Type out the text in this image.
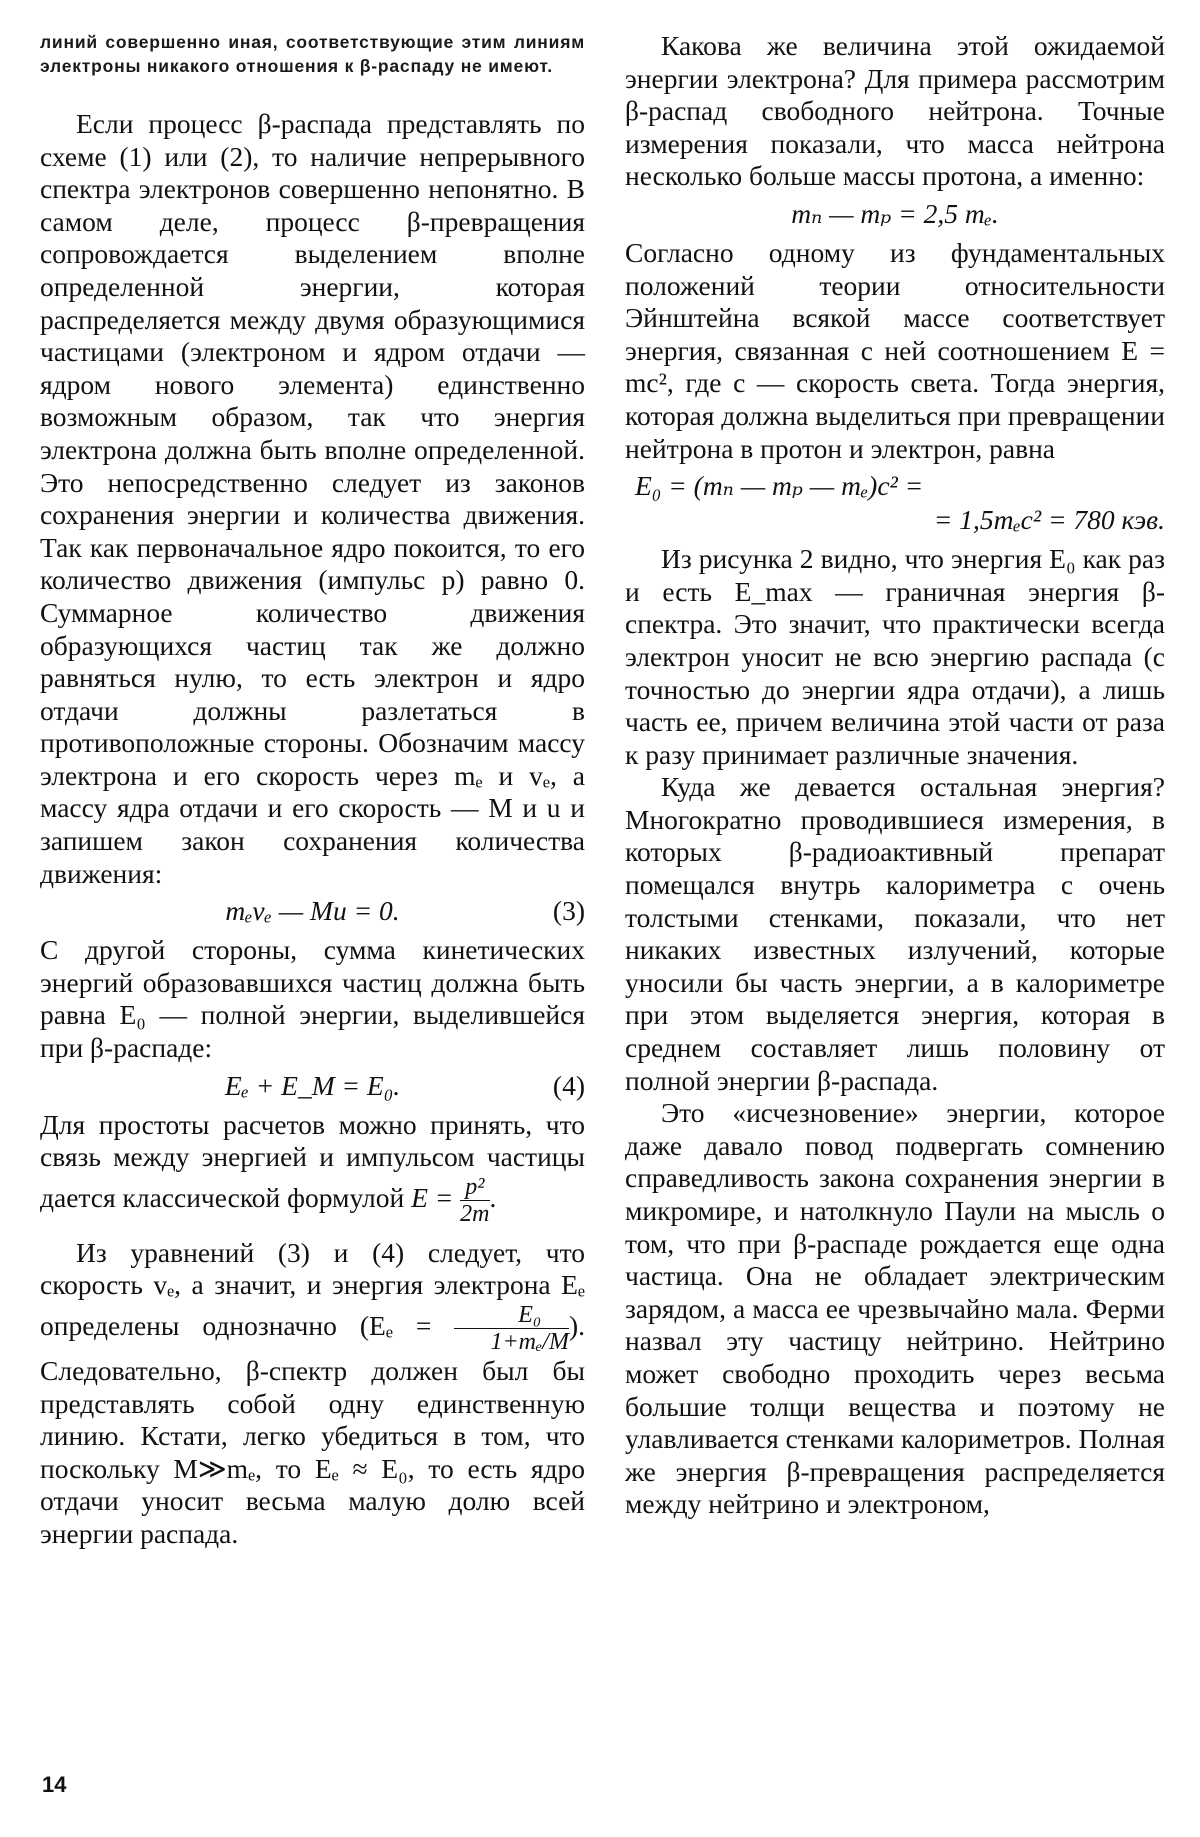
линий совершенно иная, соответствующие этим линиям электроны никакого отношения к β-распаду не имеют.

Если процесс β-распада представлять по схеме (1) или (2), то наличие непрерывного спектра электронов совершенно непонятно. В самом деле, процесс β-превращения сопровождается выделением вполне определенной энергии, которая распределяется между двумя образующимися частицами (электроном и ядром отдачи — ядром нового элемента) единственно возможным образом, так что энергия электрона должна быть вполне определенной. Это непосредственно следует из законов сохранения энергии и количества движения. Так как первоначальное ядро покоится, то его количество движения (импульс p) равно 0. Суммарное количество движения образующихся частиц так же должно равняться нулю, то есть электрон и ядро отдачи должны разлетаться в противоположные стороны. Обозначим массу электрона и его скорость через mₑ и vₑ, а массу ядра отдачи и его скорость — M и u и запишем закон сохранения количества движения:

mₑvₑ — Mu = 0.	(3)

С другой стороны, сумма кинетических энергий образовавшихся частиц должна быть равна E₀ — полной энергии, выделившейся при β-распаде:

Eₑ + E_M = E₀.	(4)

Для простоты расчетов можно принять, что связь между энергией и импульсом частицы дается классической формулой $E = \frac{\text{p²}}{2m}$ .

Из уравнений (3) и (4) следует, что скорость vₑ, а значит, и энергия электрона Eₑ определены однозначно ($E_e = \frac{\text{E₀}}{\text{1+mₑ/M}}$ ). Следовательно, β-спектр должен был бы представлять собой одну единственную линию. Кстати, легко убедиться в том, что поскольку M≫mₑ, то Eₑ ≈ E₀, то есть ядро отдачи уносит весьма малую долю всей энергии распада.

Какова же величина этой ожидаемой энергии электрона? Для примера рассмотрим β-распад свободного нейтрона. Точные измерения показали, что масса нейтрона несколько больше массы протона, а именно:

mₙ — mₚ = 2,5 mₑ.

Согласно одному из фундаментальных положений теории относительности Эйнштейна всякой массе соответствует энергия, связанная с ней соотношением E = mc², где c — скорость света. Тогда энергия, которая должна выделиться при превращении нейтрона в протон и электрон, равна

E₀ = (mₙ — mₚ — mₑ)c² =
= 1,5mₑc² = 780 кэв.

Из рисунка 2 видно, что энергия E₀ как раз и есть E_max — граничная энергия β-спектра. Это значит, что практически всегда электрон уносит не всю энергию распада (с точностью до энергии ядра отдачи), а лишь часть ее, причем величина этой части от раза к разу принимает различные значения.

Куда же девается остальная энергия? Многократно проводившиеся измерения, в которых β-радиоактивный препарат помещался внутрь калориметра с очень толстыми стенками, показали, что нет никаких известных излучений, которые уносили бы часть энергии, а в калориметре при этом выделяется энергия, которая в среднем составляет лишь половину от полной энергии β-распада.

Это «исчезновение» энергии, которое даже давало повод подвергать сомнению справедливость закона сохранения энергии в микромире, и натолкнуло Паули на мысль о том, что при β-распаде рождается еще одна частица. Она не обладает электрическим зарядом, а масса ее чрезвычайно мала. Ферми назвал эту частицу нейтрино. Нейтрино может свободно проходить через весьма большие толщи вещества и поэтому не улавливается стенками калориметров. Полная же энергия β-превращения распределяется между нейтрино и электроном,

14
